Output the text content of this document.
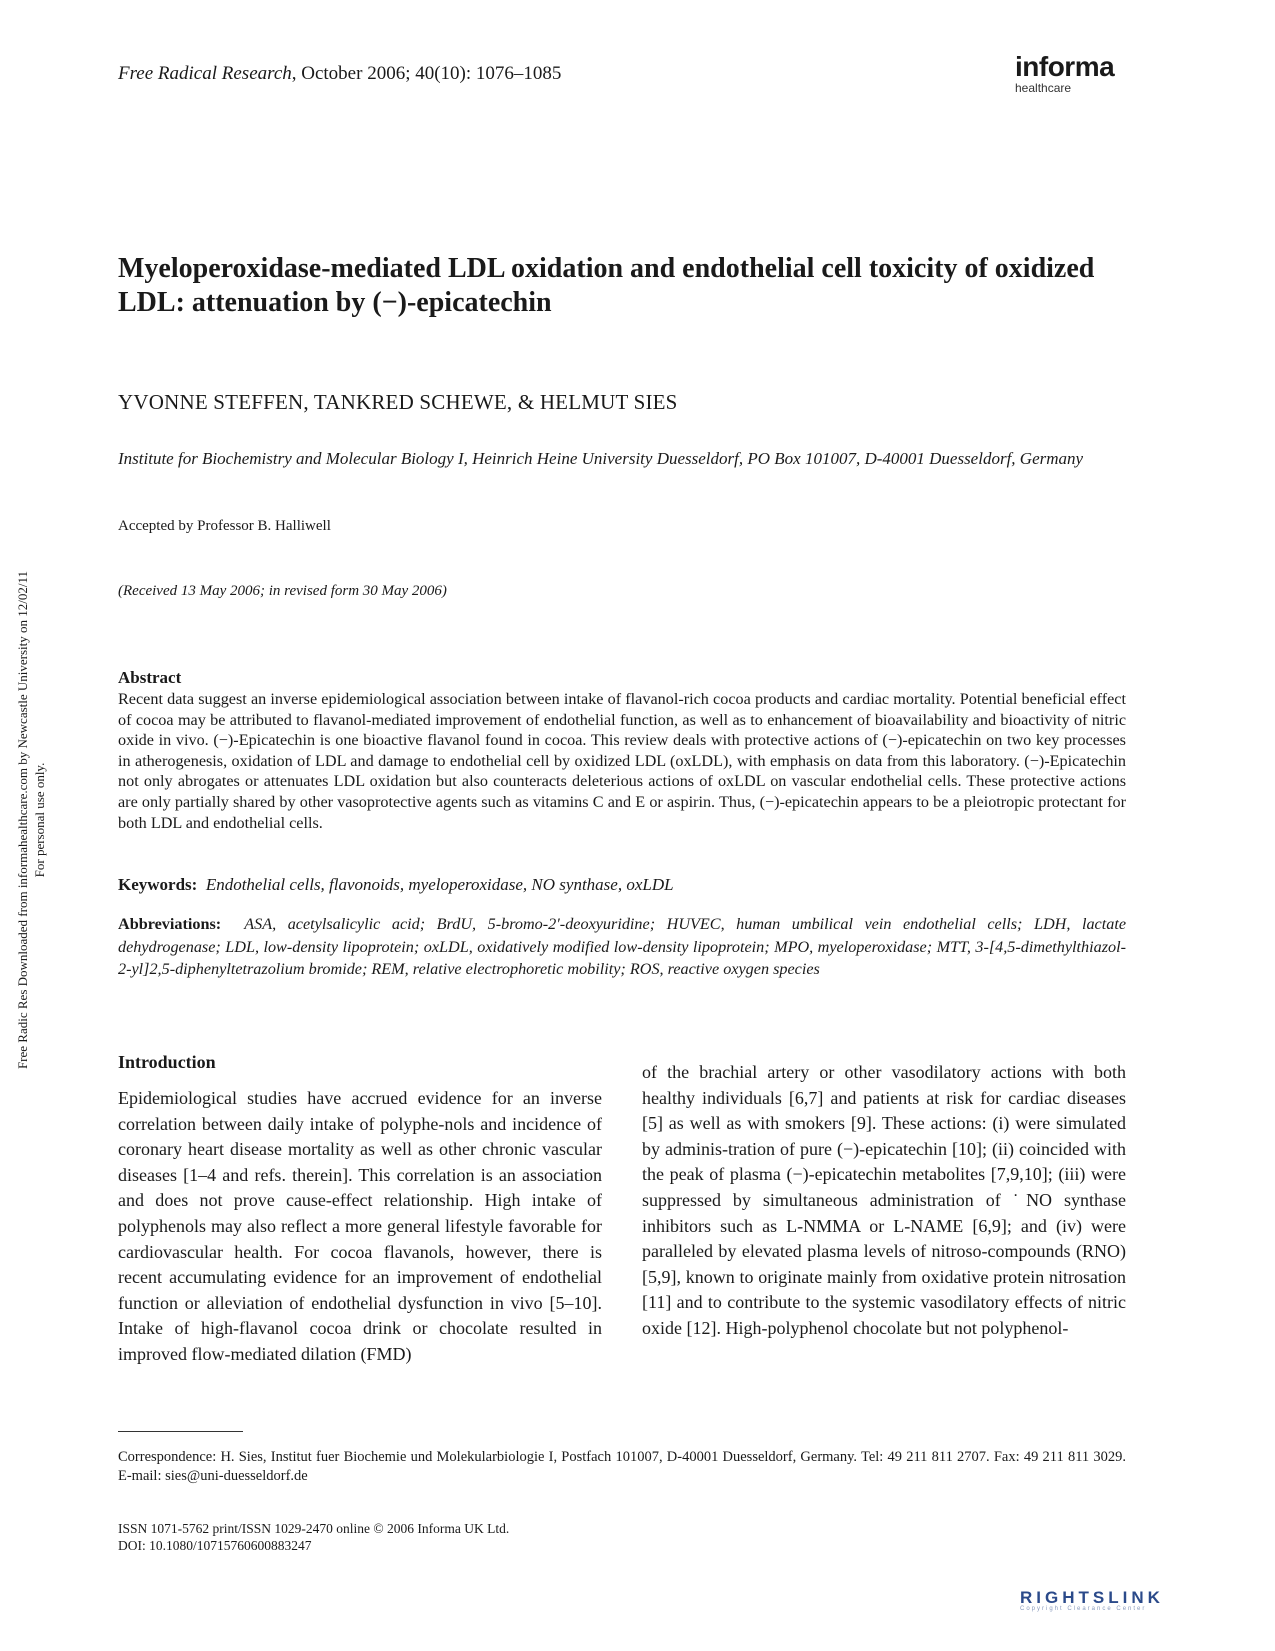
Free Radical Research, October 2006; 40(10): 1076–1085	informa
healthcare
Myeloperoxidase-mediated LDL oxidation and endothelial cell toxicity of oxidized LDL: attenuation by (−)-epicatechin
YVONNE STEFFEN, TANKRED SCHEWE, & HELMUT SIES
Institute for Biochemistry and Molecular Biology I, Heinrich Heine University Duesseldorf, PO Box 101007, D-40001 Duesseldorf, Germany
Accepted by Professor B. Halliwell
(Received 13 May 2006; in revised form 30 May 2006)
Abstract
Recent data suggest an inverse epidemiological association between intake of flavanol-rich cocoa products and cardiac mortality. Potential beneficial effect of cocoa may be attributed to flavanol-mediated improvement of endothelial function, as well as to enhancement of bioavailability and bioactivity of nitric oxide in vivo. (−)-Epicatechin is one bioactive flavanol found in cocoa. This review deals with protective actions of (−)-epicatechin on two key processes in atherogenesis, oxidation of LDL and damage to endothelial cell by oxidized LDL (oxLDL), with emphasis on data from this laboratory. (−)-Epicatechin not only abrogates or attenuates LDL oxidation but also counteracts deleterious actions of oxLDL on vascular endothelial cells. These protective actions are only partially shared by other vasoprotective agents such as vitamins C and E or aspirin. Thus, (−)-epicatechin appears to be a pleiotropic protectant for both LDL and endothelial cells.
Keywords: Endothelial cells, flavonoids, myeloperoxidase, NO synthase, oxLDL
Abbreviations: ASA, acetylsalicylic acid; BrdU, 5-bromo-2′-deoxyuridine; HUVEC, human umbilical vein endothelial cells; LDH, lactate dehydrogenase; LDL, low-density lipoprotein; oxLDL, oxidatively modified low-density lipoprotein; MPO, myeloperoxidase; MTT, 3-[4,5-dimethylthiazol-2-yl]2,5-diphenyltetrazolium bromide; REM, relative electrophoretic mobility; ROS, reactive oxygen species
Introduction
Epidemiological studies have accrued evidence for an inverse correlation between daily intake of polyphe-nols and incidence of coronary heart disease mortality as well as other chronic vascular diseases [1–4 and refs. therein]. This correlation is an association and does not prove cause-effect relationship. High intake of polyphenols may also reflect a more general lifestyle favorable for cardiovascular health. For cocoa flavanols, however, there is recent accumulating evidence for an improvement of endothelial function or alleviation of endothelial dysfunction in vivo [5–10]. Intake of high-flavanol cocoa drink or chocolate resulted in improved flow-mediated dilation (FMD)
of the brachial artery or other vasodilatory actions with both healthy individuals [6,7] and patients at risk for cardiac diseases [5] as well as with smokers [9]. These actions: (i) were simulated by adminis-tration of pure (−)-epicatechin [10]; (ii) coincided with the peak of plasma (−)-epicatechin metabolites [7,9,10]; (iii) were suppressed by simultaneous administration of ˙NO synthase inhibitors such as L-NMMA or L-NAME [6,9]; and (iv) were paralleled by elevated plasma levels of nitroso-compounds (RNO) [5,9], known to originate mainly from oxidative protein nitrosation [11] and to contribute to the systemic vasodilatory effects of nitric oxide [12]. High-polyphenol chocolate but not polyphenol-
Correspondence: H. Sies, Institut fuer Biochemie und Molekularbiologie I, Postfach 101007, D-40001 Duesseldorf, Germany. Tel: 49 211 811 2707. Fax: 49 211 811 3029. E-mail: sies@uni-duesseldorf.de
ISSN 1071-5762 print/ISSN 1029-2470 online © 2006 Informa UK Ltd.
DOI: 10.1080/10715760600883247
Free Radic Res Downloaded from informahealthcare.com by Newcastle University on 12/02/11 For personal use only.
RIGHTSLINK
Copyright Clearance Center
